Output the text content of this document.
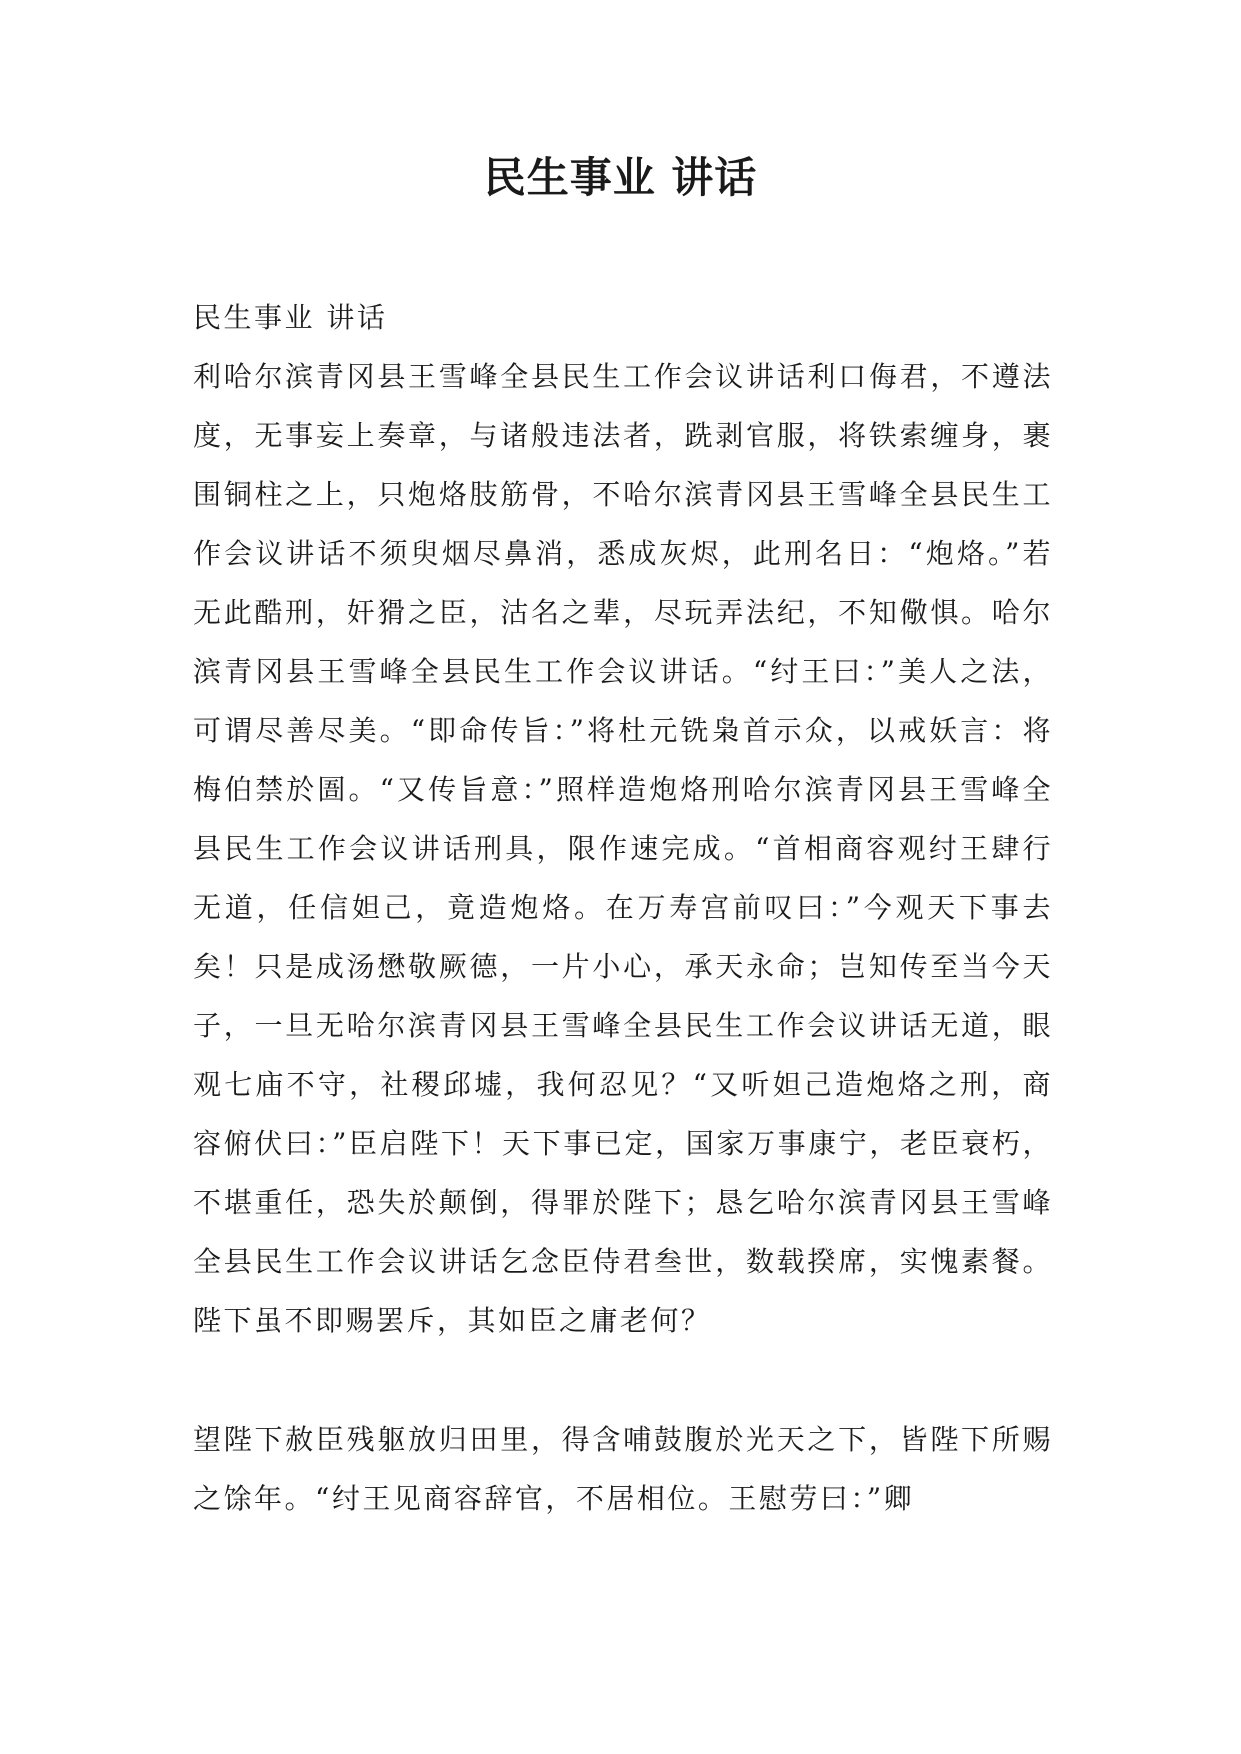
民生事业 讲话

民生事业 讲话

利哈尔滨青冈县王雪峰全县民生工作会议讲话利口侮君，不遵法度，无事妄上奏章，与诸般违法者，跣剥官服，将铁索缠身，裹围铜柱之上，只炮烙肢筋骨，不哈尔滨青冈县王雪峰全县民生工作会议讲话不须臾烟尽鼻消，悉成灰烬，此刑名日：“炮烙。”若无此酷刑，奸猾之臣，沽名之辈，尽玩弄法纪，不知儆惧。哈尔滨青冈县王雪峰全县民生工作会议讲话。“纣王曰：”美人之法，可谓尽善尽美。“即命传旨：”将杜元铣枭首示众，以戒妖言：将梅伯禁於圄。“又传旨意：”照样造炮烙刑哈尔滨青冈县王雪峰全县民生工作会议讲话刑具，限作速完成。“首相商容观纣王肆行无道，任信妲己，竟造炮烙。在万寿宫前叹曰：”今观天下事去矣！只是成汤懋敬厥德，一片小心，承天永命；岂知传至当今天子，一旦无哈尔滨青冈县王雪峰全县民生工作会议讲话无道，眼观七庙不守，社稷邱墟，我何忍见？“又听妲己造炮烙之刑，商容俯伏曰：”臣启陛下！天下事已定，国家万事康宁，老臣衰朽，不堪重任，恐失於颠倒，得罪於陛下；恳乞哈尔滨青冈县王雪峰全县民生工作会议讲话乞念臣侍君叁世，数载揆席，实愧素餐。陛下虽不即赐罢斥，其如臣之庸老何？

望陛下赦臣残躯放归田里，得含哺鼓腹於光天之下，皆陛下所赐之馀年。“纣王见商容辞官，不居相位。王慰劳曰：”卿
